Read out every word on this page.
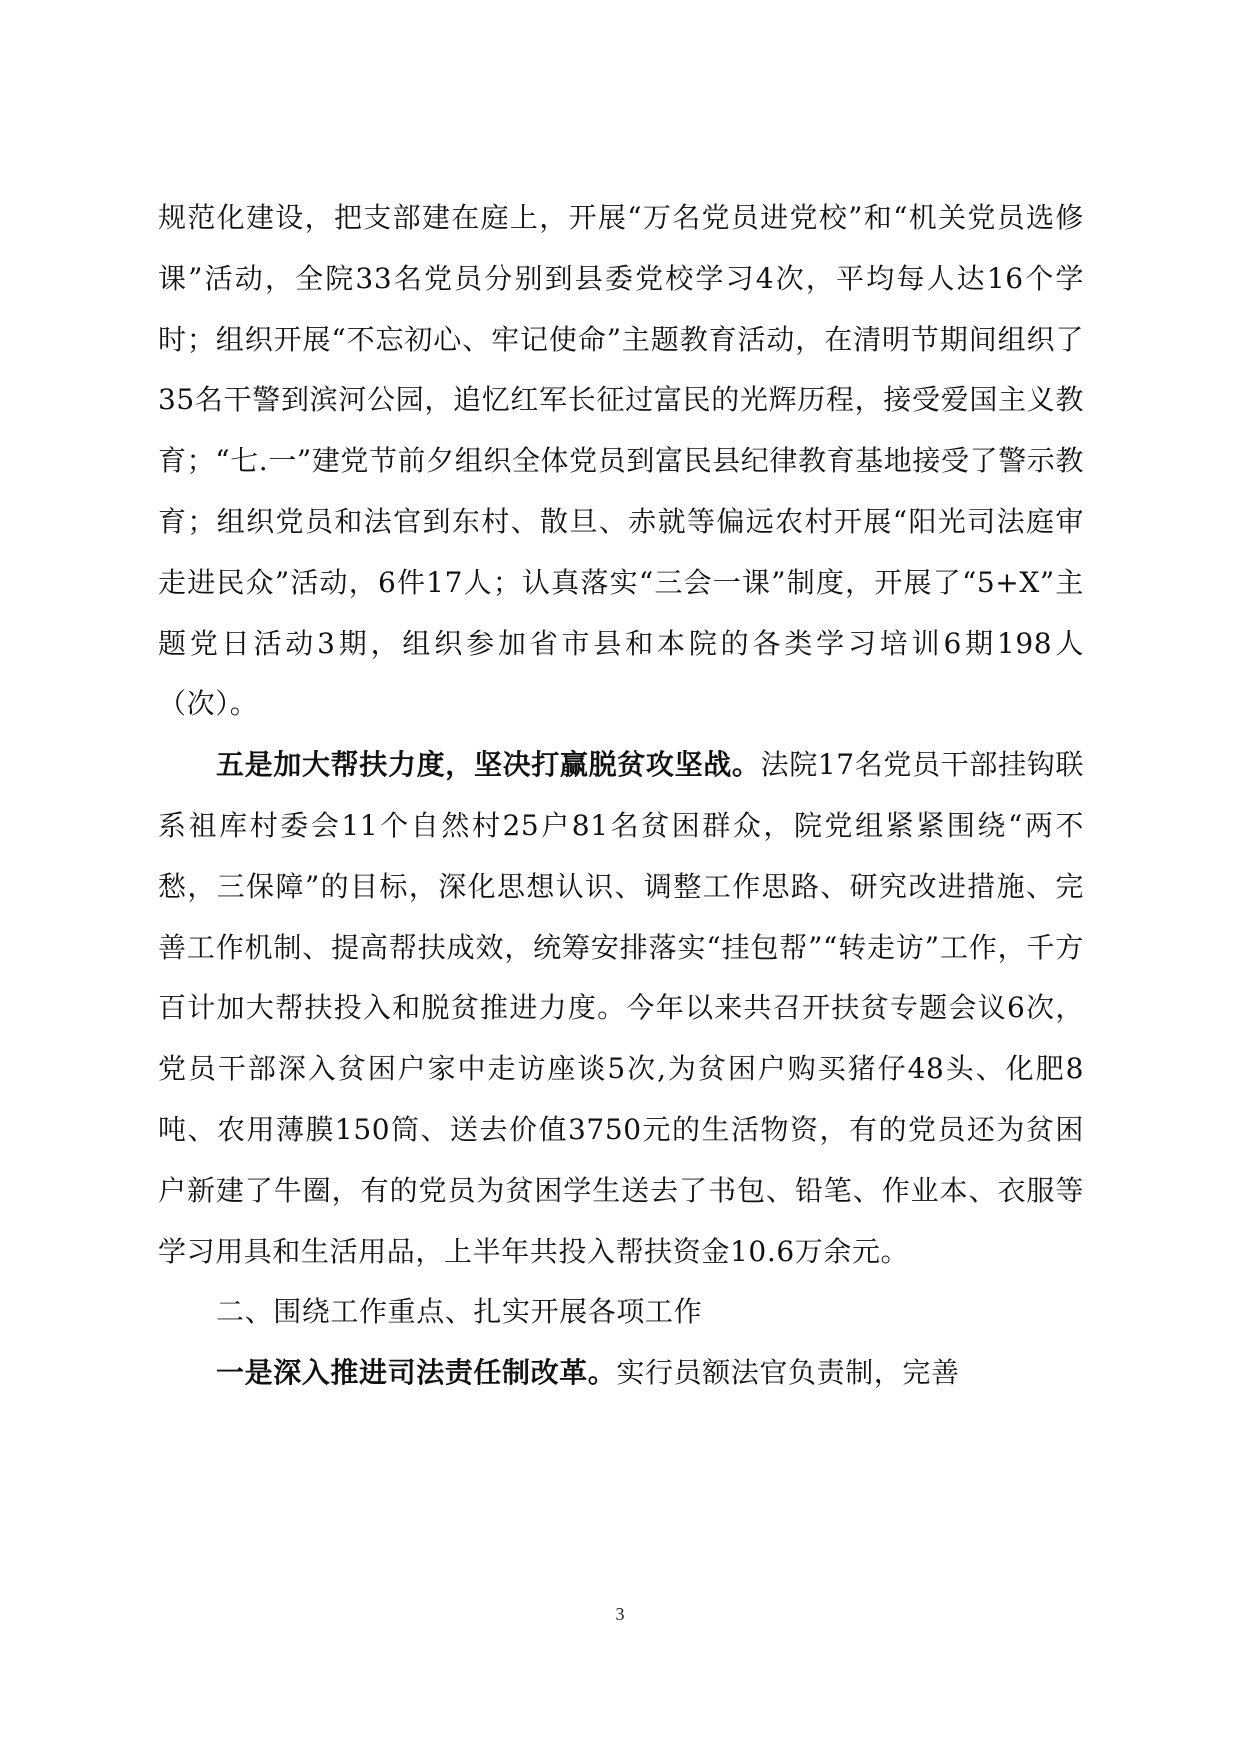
规范化建设，把支部建在庭上，开展“万名党员进党校”和“机关党员选修课”活动，全院33名党员分别到县委党校学习4次，平均每人达16个学时；组织开展“不忘初心、牢记使命”主题教育活动，在清明节期间组织了35名干警到滨河公园，追忆红军长征过富民的光辉历程，接受爱国主义教育；“七.一”建党节前夕组织全体党员到富民县纪律教育基地接受了警示教育；组织党员和法官到东村、散旦、赤就等偏远农村开展“阳光司法庭审走进民众”活动，6件17人；认真落实“三会一课”制度，开展了“5+X”主题党日活动3期，组织参加省市县和本院的各类学习培训6期198人（次）。

五是加大帮扶力度，坚决打赢脱贫攻坚战。法院17名党员干部挂钩联系祖库村委会11个自然村25户81名贫困群众，院党组紧紧围绕“两不愁，三保障”的目标，深化思想认识、调整工作思路、研究改进措施、完善工作机制、提高帮扶成效，统筹安排落实“挂包帮”“转走访”工作，千方百计加大帮扶投入和脱贫推进力度。今年以来共召开扶贫专题会议6次，党员干部深入贫困户家中走访座谈5次,为贫困户购买猪仔48头、化肥8吨、农用薄膜150筒、送去价值3750元的生活物资，有的党员还为贫困户新建了牛圈，有的党员为贫困学生送去了书包、铅笔、作业本、衣服等学习用具和生活用品，上半年共投入帮扶资金10.6万余元。

二、围绕工作重点、扎实开展各项工作

一是深入推进司法责任制改革。实行员额法官负责制，完善

3
